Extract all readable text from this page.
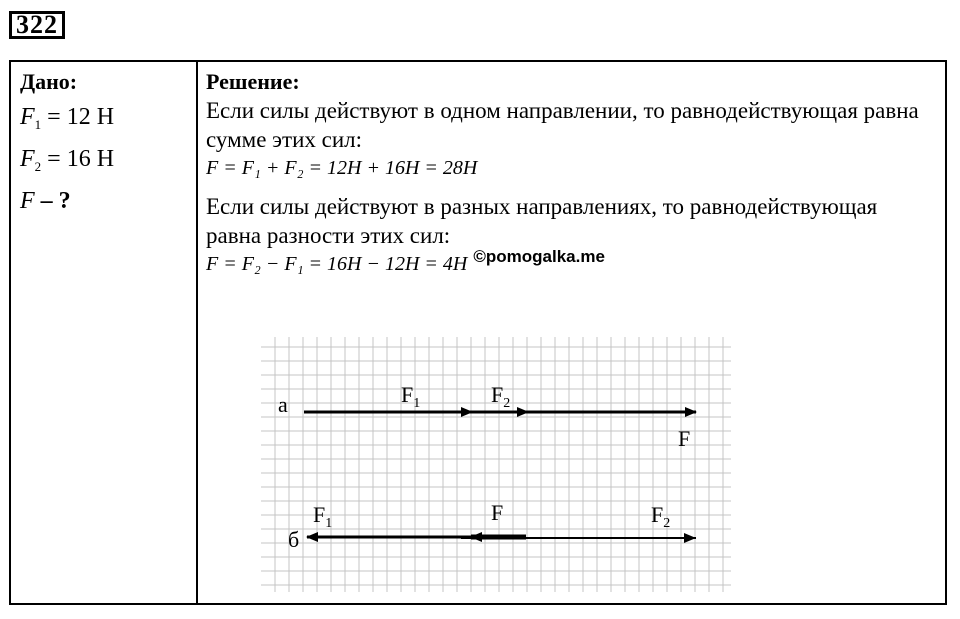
322
Дано:
$F_1 = 12$ Н
$F_2 = 16$ Н
F – ?
Решение:

Если силы действуют в одном направлении, то равнодействующая равна сумме этих сил:

F = F₁ + F₂ = 12H + 16H = 28H

Если силы действуют в разных направлениях, то равнодействующая равна разности этих сил:

F = F₂ − F₁ = 16H − 12H = 4H $^{©pomogalka.me}$
а	$F_1$	$F_2$
F
б
$F_1$	F	$F_2$
